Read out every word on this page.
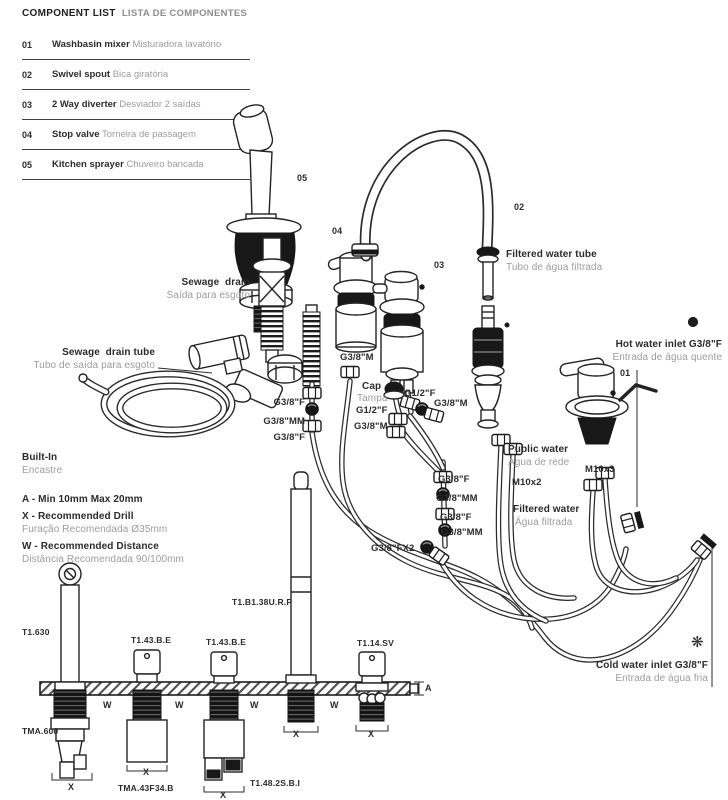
COMPONENT LIST LISTA DE COMPONENTES
01	Washbasin mixer Misturadora lavatório
02	Swivel spout Bica giratória
03	2 Way diverter Desviador 2 saídas
04	Stop valve Torneira de passagem
05	Kitchen sprayer Chuveiro bancada
05
04
02
03
01
Sewage  drain
Saída para esgoto
Sewage  drain tube
Tubo de saída para esgoto
Filtered water tube
Tubo de água filtrada
Hot water inlet G3/8"F
Entrada de água quente
Cold water inlet G3/8"F
Entrada de água fria
Public water
Água de rede
Filtered water
Água filtrada
Cap
Tampa
G3/8"M
G1/2"F
G3/8"M
G1/2"F
G3/8"M
G3/8"F
G3/8"MM
G3/8"F
G3/8"F
G3/8"MM
G3/8"F
G3/8"MM
G3/8"FX2
M10x2
M10x3
Built-In
Encastre
A - Min 10mm Max 20mm
X - Recommended Drill
Furação Recomendada Ø35mm
W - Recommended Distance
Distância Recomendada 90/100mm
T1.630
T1.43.B.E	T1.43.B.E
T1.B1.38U.R.P
T1.14.SV
TMA.600
TMA.43F34.B	T1.48.2S.B.I
W	W	W	W
X
X
X
X	X
A
❋
